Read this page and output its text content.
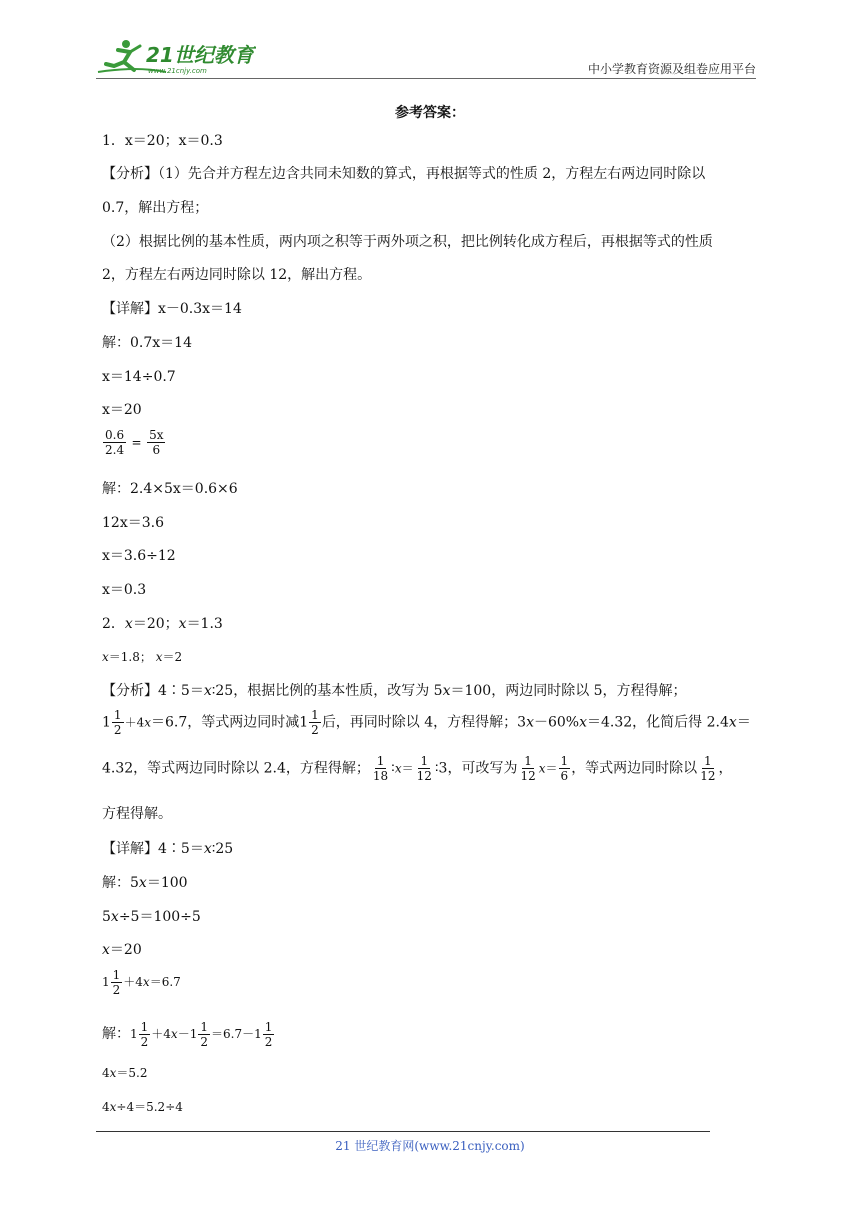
21世纪教育
www.21cnjy.com	中小学教育资源及组卷应用平台
参考答案：
1．x＝20；x＝0.3
【分析】（1）先合并方程左边含共同未知数的算式，再根据等式的性质 2，方程左右两边同时除以
0.7，解出方程；
（2）根据比例的基本性质，两内项之积等于两外项之积，把比例转化成方程后，再根据等式的性质
2，方程左右两边同时除以 12，解出方程。
【详解】x－0.3x＝14
解：0.7x＝14
x＝14÷0.7
x＝20
$\frac{0.6}{2.4} = \frac{5x}{6}$
解：2.4×5x＝0.6×6
12x＝3.6
x＝3.6÷12
x＝0.3
2．x＝20；x＝1.3
x＝1.8； x＝2
【分析】4∶5＝x∶25，根据比例的基本性质，改写为 5x＝100，两边同时除以 5，方程得解；
$1 \frac{1}{2} +4x=6.7$，等式两边同时减$1 \frac{1}{2}$ 后，再同时除以 4，方程得解；3x－60%x＝4.32，化简后得 2.4x＝
4.32，等式两边同时除以 2.4，方程得解； $\frac{1}{18}$ ∶x＝ $\frac{1}{12}$ ∶3，可改写为 $\frac{1}{12} x= \frac{1}{6}$ ，等式两边同时除以 $\frac{1}{12}$ ，
方程得解。
【详解】4∶5＝x∶25
解：5x＝100
5x÷5＝100÷5
x＝20
$1 \frac{1}{2} +4x=6.7$
解：$1 \frac{1}{2} +4x-1 \frac{1}{2} =6.7-1 \frac{1}{2}$
4x＝5.2
4x÷4＝5.2÷4
21 世纪教育网(www.21cnjy.com)
